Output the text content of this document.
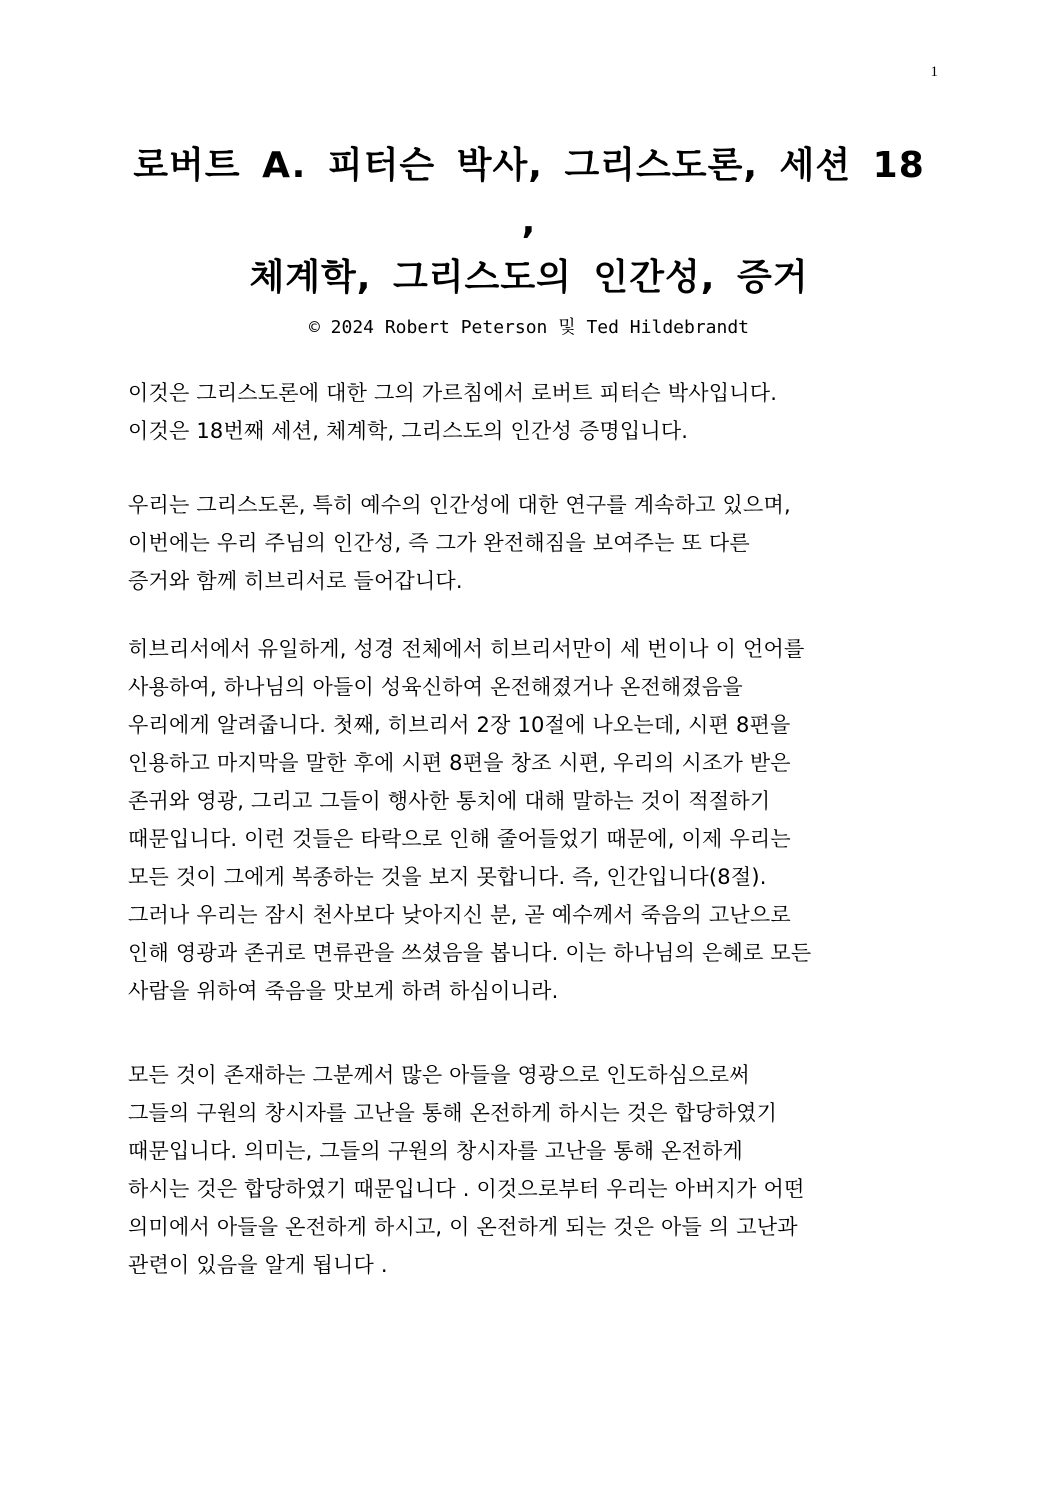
1
로버트 A. 피터슨 박사, 그리스도론, 세션 18
,
체계학, 그리스도의 인간성, 증거
© 2024 Robert Peterson 및 Ted Hildebrandt
이것은 그리스도론에 대한 그의 가르침에서 로버트 피터슨 박사입니다.
이것은 18번째 세션, 체계학, 그리스도의 인간성 증명입니다.
우리는 그리스도론, 특히 예수의 인간성에 대한 연구를 계속하고 있으며,
이번에는 우리 주님의 인간성, 즉 그가 완전해짐을 보여주는 또 다른
증거와 함께 히브리서로 들어갑니다.
히브리서에서 유일하게, 성경 전체에서 히브리서만이 세 번이나 이 언어를
사용하여, 하나님의 아들이 성육신하여 온전해졌거나 온전해졌음을
우리에게 알려줍니다. 첫째, 히브리서 2장 10절에 나오는데, 시편 8편을
인용하고 마지막을 말한 후에 시편 8편을 창조 시편, 우리의 시조가 받은
존귀와 영광, 그리고 그들이 행사한 통치에 대해 말하는 것이 적절하기
때문입니다. 이런 것들은 타락으로 인해 줄어들었기 때문에, 이제 우리는
모든 것이 그에게 복종하는 것을 보지 못합니다. 즉, 인간입니다(8절).
그러나 우리는 잠시 천사보다 낮아지신 분, 곧 예수께서 죽음의 고난으로
인해 영광과 존귀로 면류관을 쓰셨음을 봅니다. 이는 하나님의 은혜로 모든
사람을 위하여 죽음을 맛보게 하려 하심이니라.
모든 것이 존재하는 그분께서 많은 아들을 영광으로 인도하심으로써
그들의 구원의 창시자를 고난을 통해 온전하게 하시는 것은 합당하였기
때문입니다. 의미는, 그들의 구원의 창시자를 고난을 통해 온전하게
하시는 것은 합당하였기 때문입니다 . 이것으로부터 우리는 아버지가 어떤
의미에서 아들을 온전하게 하시고, 이 온전하게 되는 것은 아들 의 고난과
관련이 있음을 알게 됩니다 .
